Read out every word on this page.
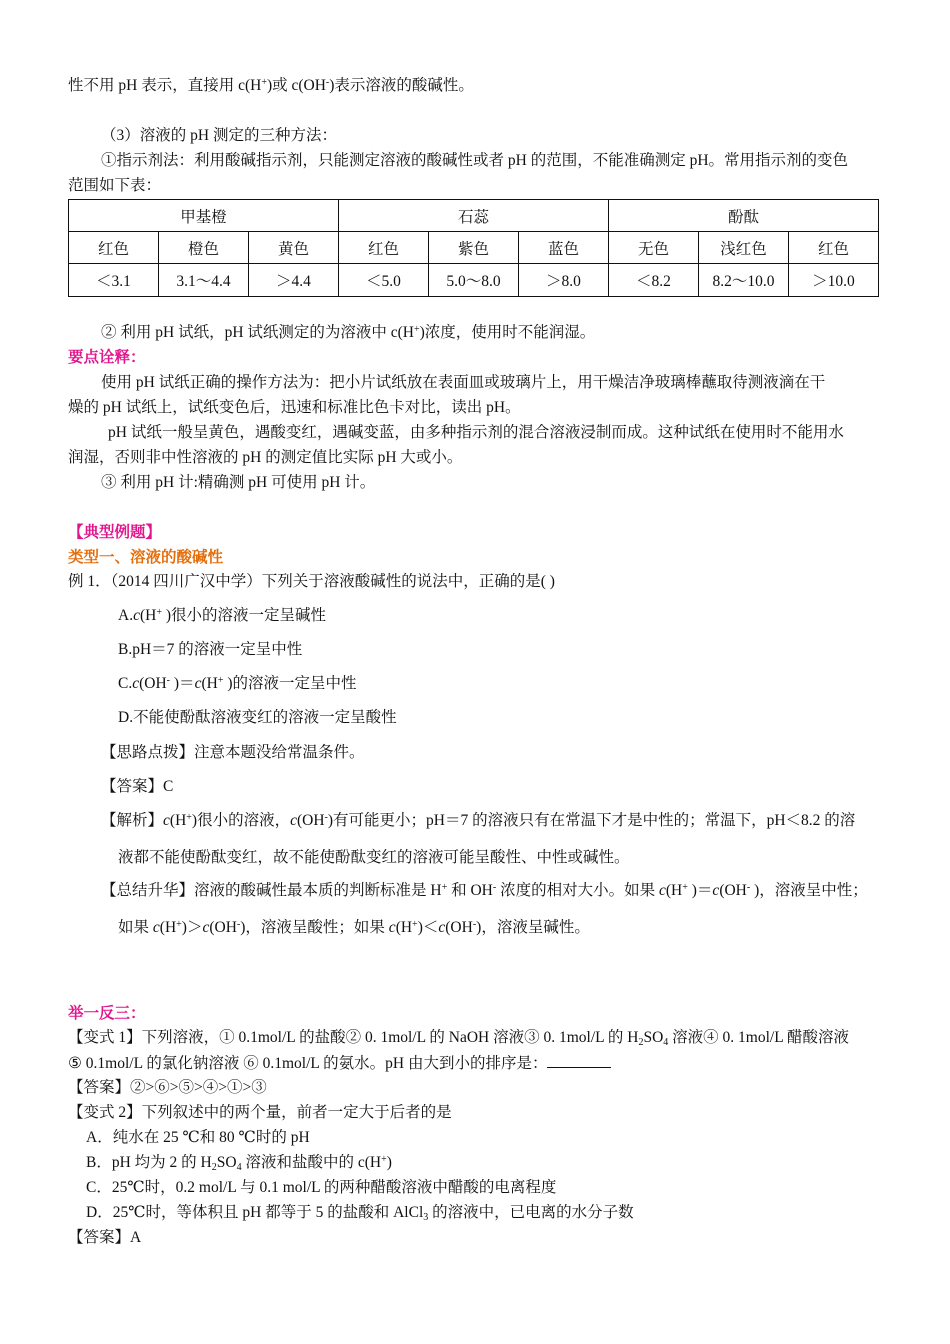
性不用 pH 表示，直接用 c(H+)或 c(OH-)表示溶液的酸碱性。
（3）溶液的 pH 测定的三种方法：
①指示剂法：利用酸碱指示剂，只能测定溶液的酸碱性或者 pH 的范围，不能准确测定 pH。常用指示剂的变色
范围如下表：
甲基橙			石蕊			酚酞		
红色	橙色	黄色	红色	紫色	蓝色	无色	浅红色	红色
＜3.1	3.1～4.4	＞4.4	＜5.0	5.0～8.0	＞8.0	＜8.2	8.2～10.0	＞10.0
② 利用 pH 试纸，pH 试纸测定的为溶液中 c(H+)浓度，使用时不能润湿。
要点诠释：
使用 pH 试纸正确的操作方法为：把小片试纸放在表面皿或玻璃片上，用干燥洁净玻璃棒蘸取待测液滴在干
燥的 pH 试纸上，试纸变色后，迅速和标准比色卡对比，读出 pH。
pH 试纸一般呈黄色，遇酸变红，遇碱变蓝，由多种指示剂的混合溶液浸制而成。这种试纸在使用时不能用水
润湿，否则非中性溶液的 pH 的测定值比实际 pH 大或小。
③ 利用 pH 计:精确测 pH 可使用 pH 计。
【典型例题】
类型一、溶液的酸碱性
例 1．（2014 四川广汉中学）下列关于溶液酸碱性的说法中，正确的是( )
A.c(H+ )很小的溶液一定呈碱性
B.pH＝7 的溶液一定呈中性
C.c(OH- )＝c(H+ )的溶液一定呈中性
D.不能使酚酞溶液变红的溶液一定呈酸性
【思路点拨】注意本题没给常温条件。
【答案】C
【解析】c(H+)很小的溶液，c(OH-)有可能更小；pH＝7 的溶液只有在常温下才是中性的；常温下，pH＜8.2 的溶
液都不能使酚酞变红，故不能使酚酞变红的溶液可能呈酸性、中性或碱性。
【总结升华】溶液的酸碱性最本质的判断标准是 H+ 和 OH- 浓度的相对大小。如果 c(H+ )＝c(OH- )，溶液呈中性；
如果 c(H+)＞c(OH-)，溶液呈酸性；如果 c(H+)＜c(OH-)，溶液呈碱性。
举一反三：
【变式 1】下列溶液，① 0.1mol/L 的盐酸② 0. 1mol/L 的 NaOH 溶液③ 0. 1mol/L 的 $H_2SO_4$ 溶液④ 0. 1mol/L 醋酸溶液
⑤ 0.1mol/L 的氯化钠溶液 ⑥ 0.1mol/L 的氨水。pH 由大到小的排序是：
【答案】②>⑥>⑤>④>①>③
【变式 2】下列叙述中的两个量，前者一定大于后者的是
A．纯水在 25 ℃和 80 ℃时的 pH
B．pH 均为 2 的 $H_2SO_4$ 溶液和盐酸中的 c(H+)
C．25℃时，0.2 mol/L 与 0.1 mol/L 的两种醋酸溶液中醋酸的电离程度
D．25℃时，等体积且 pH 都等于 5 的盐酸和 AlCl$_3$ 的溶液中，已电离的水分子数
【答案】A
